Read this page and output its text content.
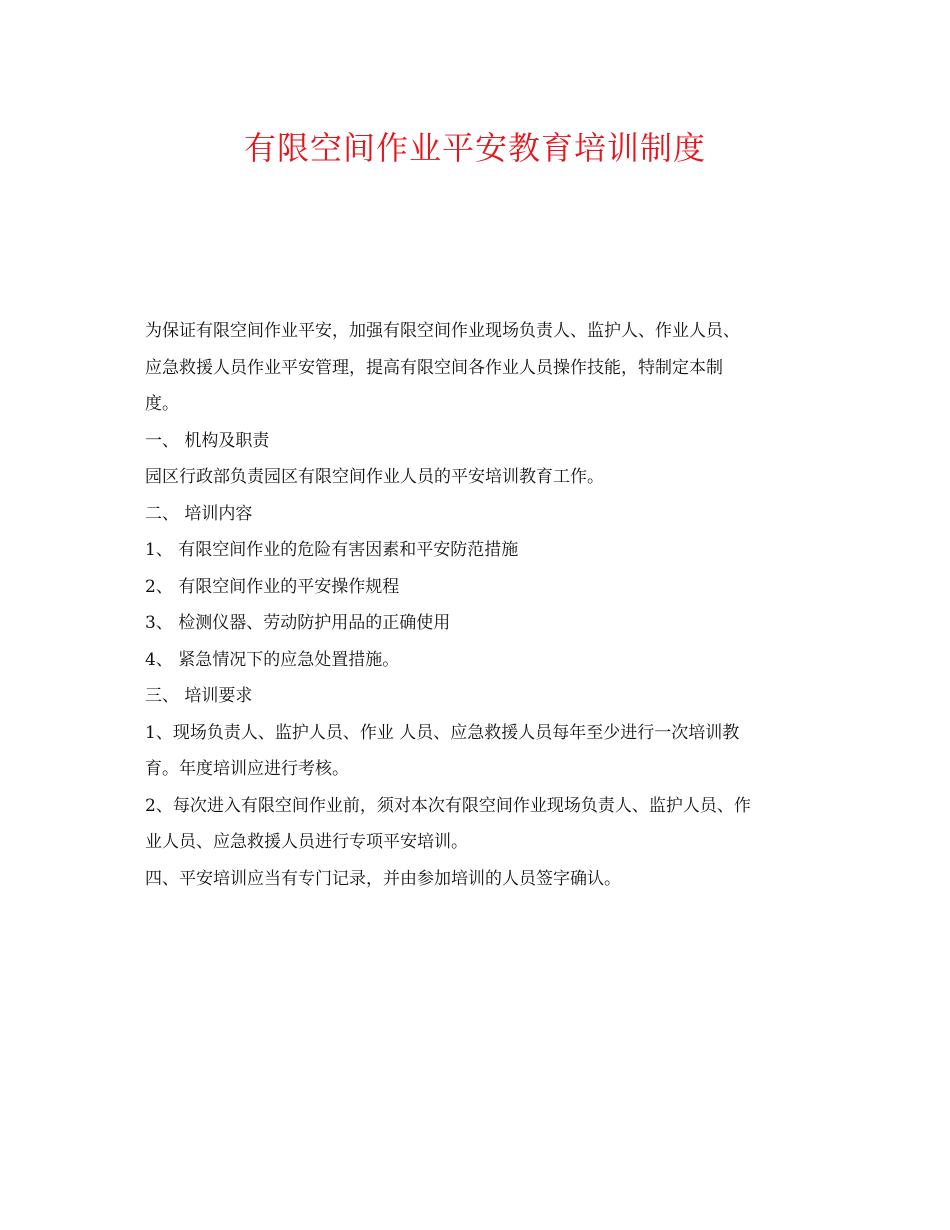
有限空间作业平安教育培训制度

为保证有限空间作业平安，加强有限空间作业现场负责人、监护人、作业人员、

应急救援人员作业平安管理，提高有限空间各作业人员操作技能，特制定本制

度。

一、 机构及职责

园区行政部负责园区有限空间作业人员的平安培训教育工作。

二、 培训内容

1、 有限空间作业的危险有害因素和平安防范措施

2、 有限空间作业的平安操作规程

3、 检测仪器、劳动防护用品的正确使用

4、 紧急情况下的应急处置措施。

三、 培训要求

1、现场负责人、监护人员、作业 人员、应急救援人员每年至少进行一次培训教

育。年度培训应进行考核。

2、每次进入有限空间作业前，须对本次有限空间作业现场负责人、监护人员、作

业人员、应急救援人员进行专项平安培训。

四、平安培训应当有专门记录，并由参加培训的人员签字确认。
